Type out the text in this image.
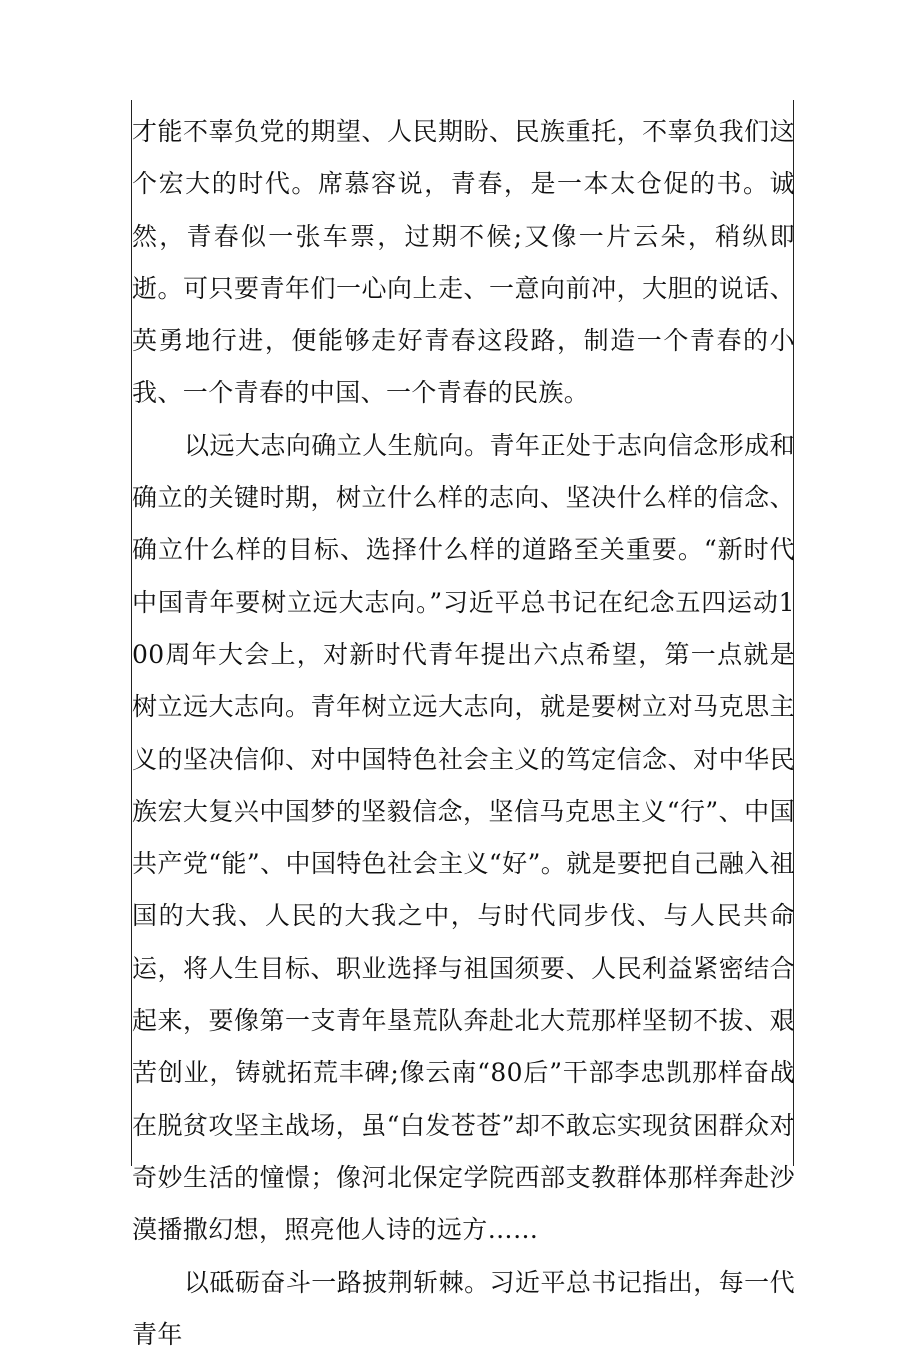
才能不辜负党的期望、人民期盼、民族重托，不辜负我们这个宏大的时代。席慕容说，青春，是一本太仓促的书。诚然，青春似一张车票，过期不候;又像一片云朵，稍纵即逝。可只要青年们一心向上走、一意向前冲，大胆的说话、英勇地行进，便能够走好青春这段路，制造一个青春的小我、一个青春的中国、一个青春的民族。

以远大志向确立人生航向。青年正处于志向信念形成和确立的关键时期，树立什么样的志向、坚决什么样的信念、确立什么样的目标、选择什么样的道路至关重要。“新时代中国青年要树立远大志向。”习近平总书记在纪念五四运动100周年大会上，对新时代青年提出六点希望，第一点就是树立远大志向。青年树立远大志向，就是要树立对马克思主义的坚决信仰、对中国特色社会主义的笃定信念、对中华民族宏大复兴中国梦的坚毅信念，坚信马克思主义“行”、中国共产党“能”、中国特色社会主义“好”。就是要把自己融入祖国的大我、人民的大我之中，与时代同步伐、与人民共命运，将人生目标、职业选择与祖国须要、人民利益紧密结合起来，要像第一支青年垦荒队奔赴北大荒那样坚韧不拔、艰苦创业，铸就拓荒丰碑;像云南“80后”干部李忠凯那样奋战在脱贫攻坚主战场，虽“白发苍苍”却不敢忘实现贫困群众对奇妙生活的憧憬；像河北保定学院西部支教群体那样奔赴沙漠播撒幻想，照亮他人诗的远方……

以砥砺奋斗一路披荆斩棘。习近平总书记指出，每一代青年
